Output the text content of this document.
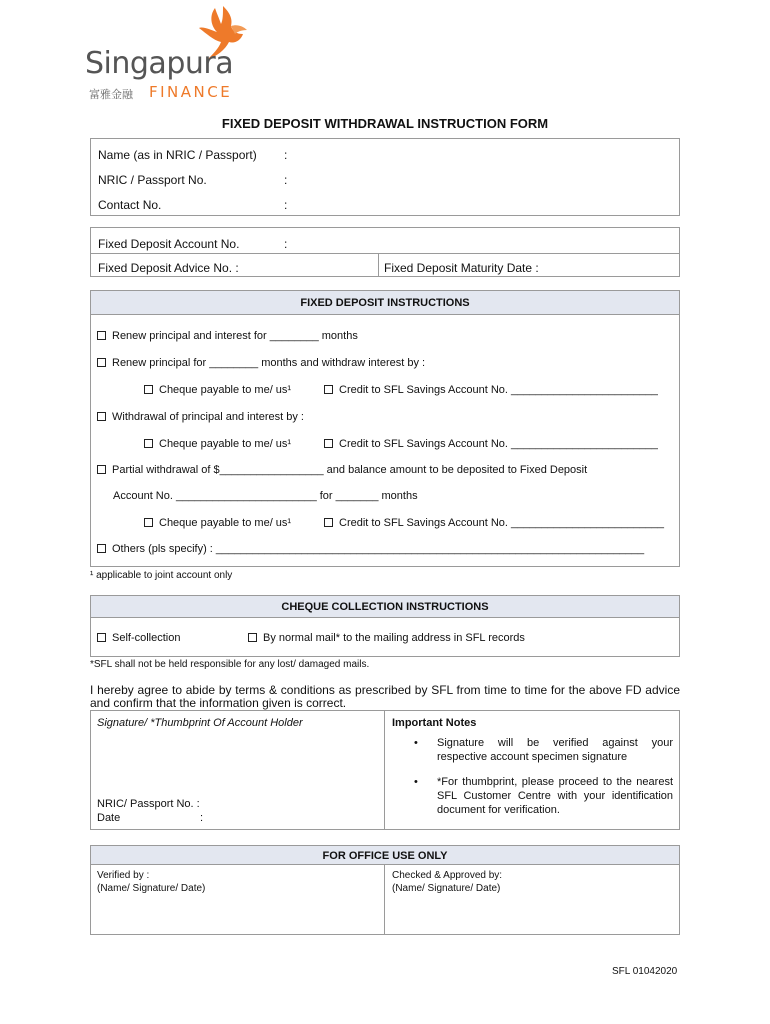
Singapura
富雅金融 FINANCE
FIXED DEPOSIT WITHDRAWAL INSTRUCTION FORM
Name (as in NRIC / Passport) :
NRIC / Passport No.	:
Contact No.	:
Fixed Deposit Account No.	:
Fixed Deposit Advice No. :	Fixed Deposit Maturity Date :
FIXED DEPOSIT INSTRUCTIONS
Renew principal and interest for ________ months
Renew principal for ________ months and withdraw interest by :
Cheque payable to me/ us¹	Credit to SFL Savings Account No. ________________________
Withdrawal of principal and interest by :
Cheque payable to me/ us¹	Credit to SFL Savings Account No. ________________________
Partial withdrawal of $_________________ and balance amount to be deposited to Fixed Deposit
Account No. _______________________ for _______ months
Cheque payable to me/ us¹	Credit to SFL Savings Account No. _________________________
Others (pls specify) : ______________________________________________________________________
¹ applicable to joint account only
CHEQUE COLLECTION INSTRUCTIONS
Self-collection	By normal mail* to the mailing address in SFL records
*SFL shall not be held responsible for any lost/ damaged mails.
I hereby agree to abide by terms & conditions as prescribed by SFL from time to time for the above FD advice and confirm that the information given is correct.
Signature/ *Thumbprint Of Account Holder
NRIC/ Passport No. :
Date	:
Important Notes
• Signature will be verified against your
respective account specimen signature
• *For thumbprint, please proceed to the nearest
SFL Customer Centre with your identification
document for verification.
FOR OFFICE USE ONLY
Verified by :
(Name/ Signature/ Date)
Checked & Approved by:
(Name/ Signature/ Date)
SFL 01042020
